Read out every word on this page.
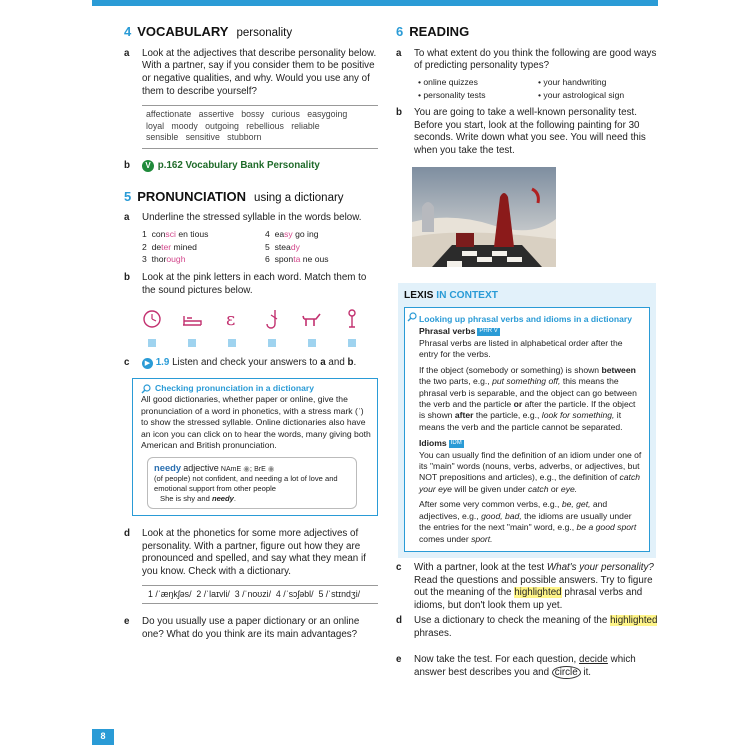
4 VOCABULARY personality
a Look at the adjectives that describe personality below. With a partner, say if you consider them to be positive or negative qualities, and why. Would you use any of them to describe yourself?
affectionate   assertive   bossy   curious   easygoing
loyal   moody   outgoing   rebellious   reliable
sensible   sensitive   stubborn
b V p.162 Vocabulary Bank Personality
5 PRONUNCIATION using a dictionary
a Underline the stressed syllable in the words below.
1 consci en tious	4 easy go ing
2 deter mined	5 steady
3 thorough	6 sponta ne ous
b Look at the pink letters in each word. Match them to the sound pictures below.
ɛ
c ▶ 1.9 Listen and check your answers to a and b.
Checking pronunciation in a dictionary
All good dictionaries, whether paper or online, give the pronunciation of a word in phonetics, with a stress mark (ˈ) to show the stressed syllable. Online dictionaries also have an icon you can click on to hear the words, many giving both American and British pronunciation.
needy adjective NAmE ◉; BrE ◉
(of people) not confident, and needing a lot of love and emotional support from other people
She is shy and needy.
d Look at the phonetics for some more adjectives of personality. With a partner, figure out how they are pronounced and spelled, and say what they mean if you know. Check with a dictionary.
1 /ˈæŋkʃəs/  2 /ˈlaɪvli/  3 /ˈnoʊzi/  4 /ˈsɔʃəbl/  5 /ˈstɪndʒi/
e Do you usually use a paper dictionary or an online one? What do you think are its main advantages?
6 READING
a To what extent do you think the following are good ways of predicting personality types?
• online quizzes	• your handwriting
• personality tests	• your astrological sign
b You are going to take a well-known personality test. Before you start, look at the following painting for 30 seconds. Write down what you see. You will need this when you take the test.
LEXIS IN CONTEXT
Looking up phrasal verbs and idioms in a dictionary
Phrasal verbs PHR V
Phrasal verbs are listed in alphabetical order after the entry for the verbs.
If the object (somebody or something) is shown between the two parts, e.g., put something off, this means the phrasal verb is separable, and the object can go between the verb and the particle or after the particle. If the object is shown after the particle, e.g., look for something, it means the verb and the particle cannot be separated.
Idioms IDM
You can usually find the definition of an idiom under one of its "main" words (nouns, verbs, adverbs, or adjectives, but NOT prepositions and articles), e.g., the definition of catch your eye will be given under catch or eye.
After some very common verbs, e.g., be, get, and adjectives, e.g., good, bad, the idioms are usually under the entries for the next "main" word, e.g., be a good sport comes under sport.
c With a partner, look at the test What's your personality? Read the questions and possible answers. Try to figure out the meaning of the highlighted phrasal verbs and idioms, but don't look them up yet.
d Use a dictionary to check the meaning of the highlighted phrases.
e Now take the test. For each question, decide which answer best describes you and circle it.
8
